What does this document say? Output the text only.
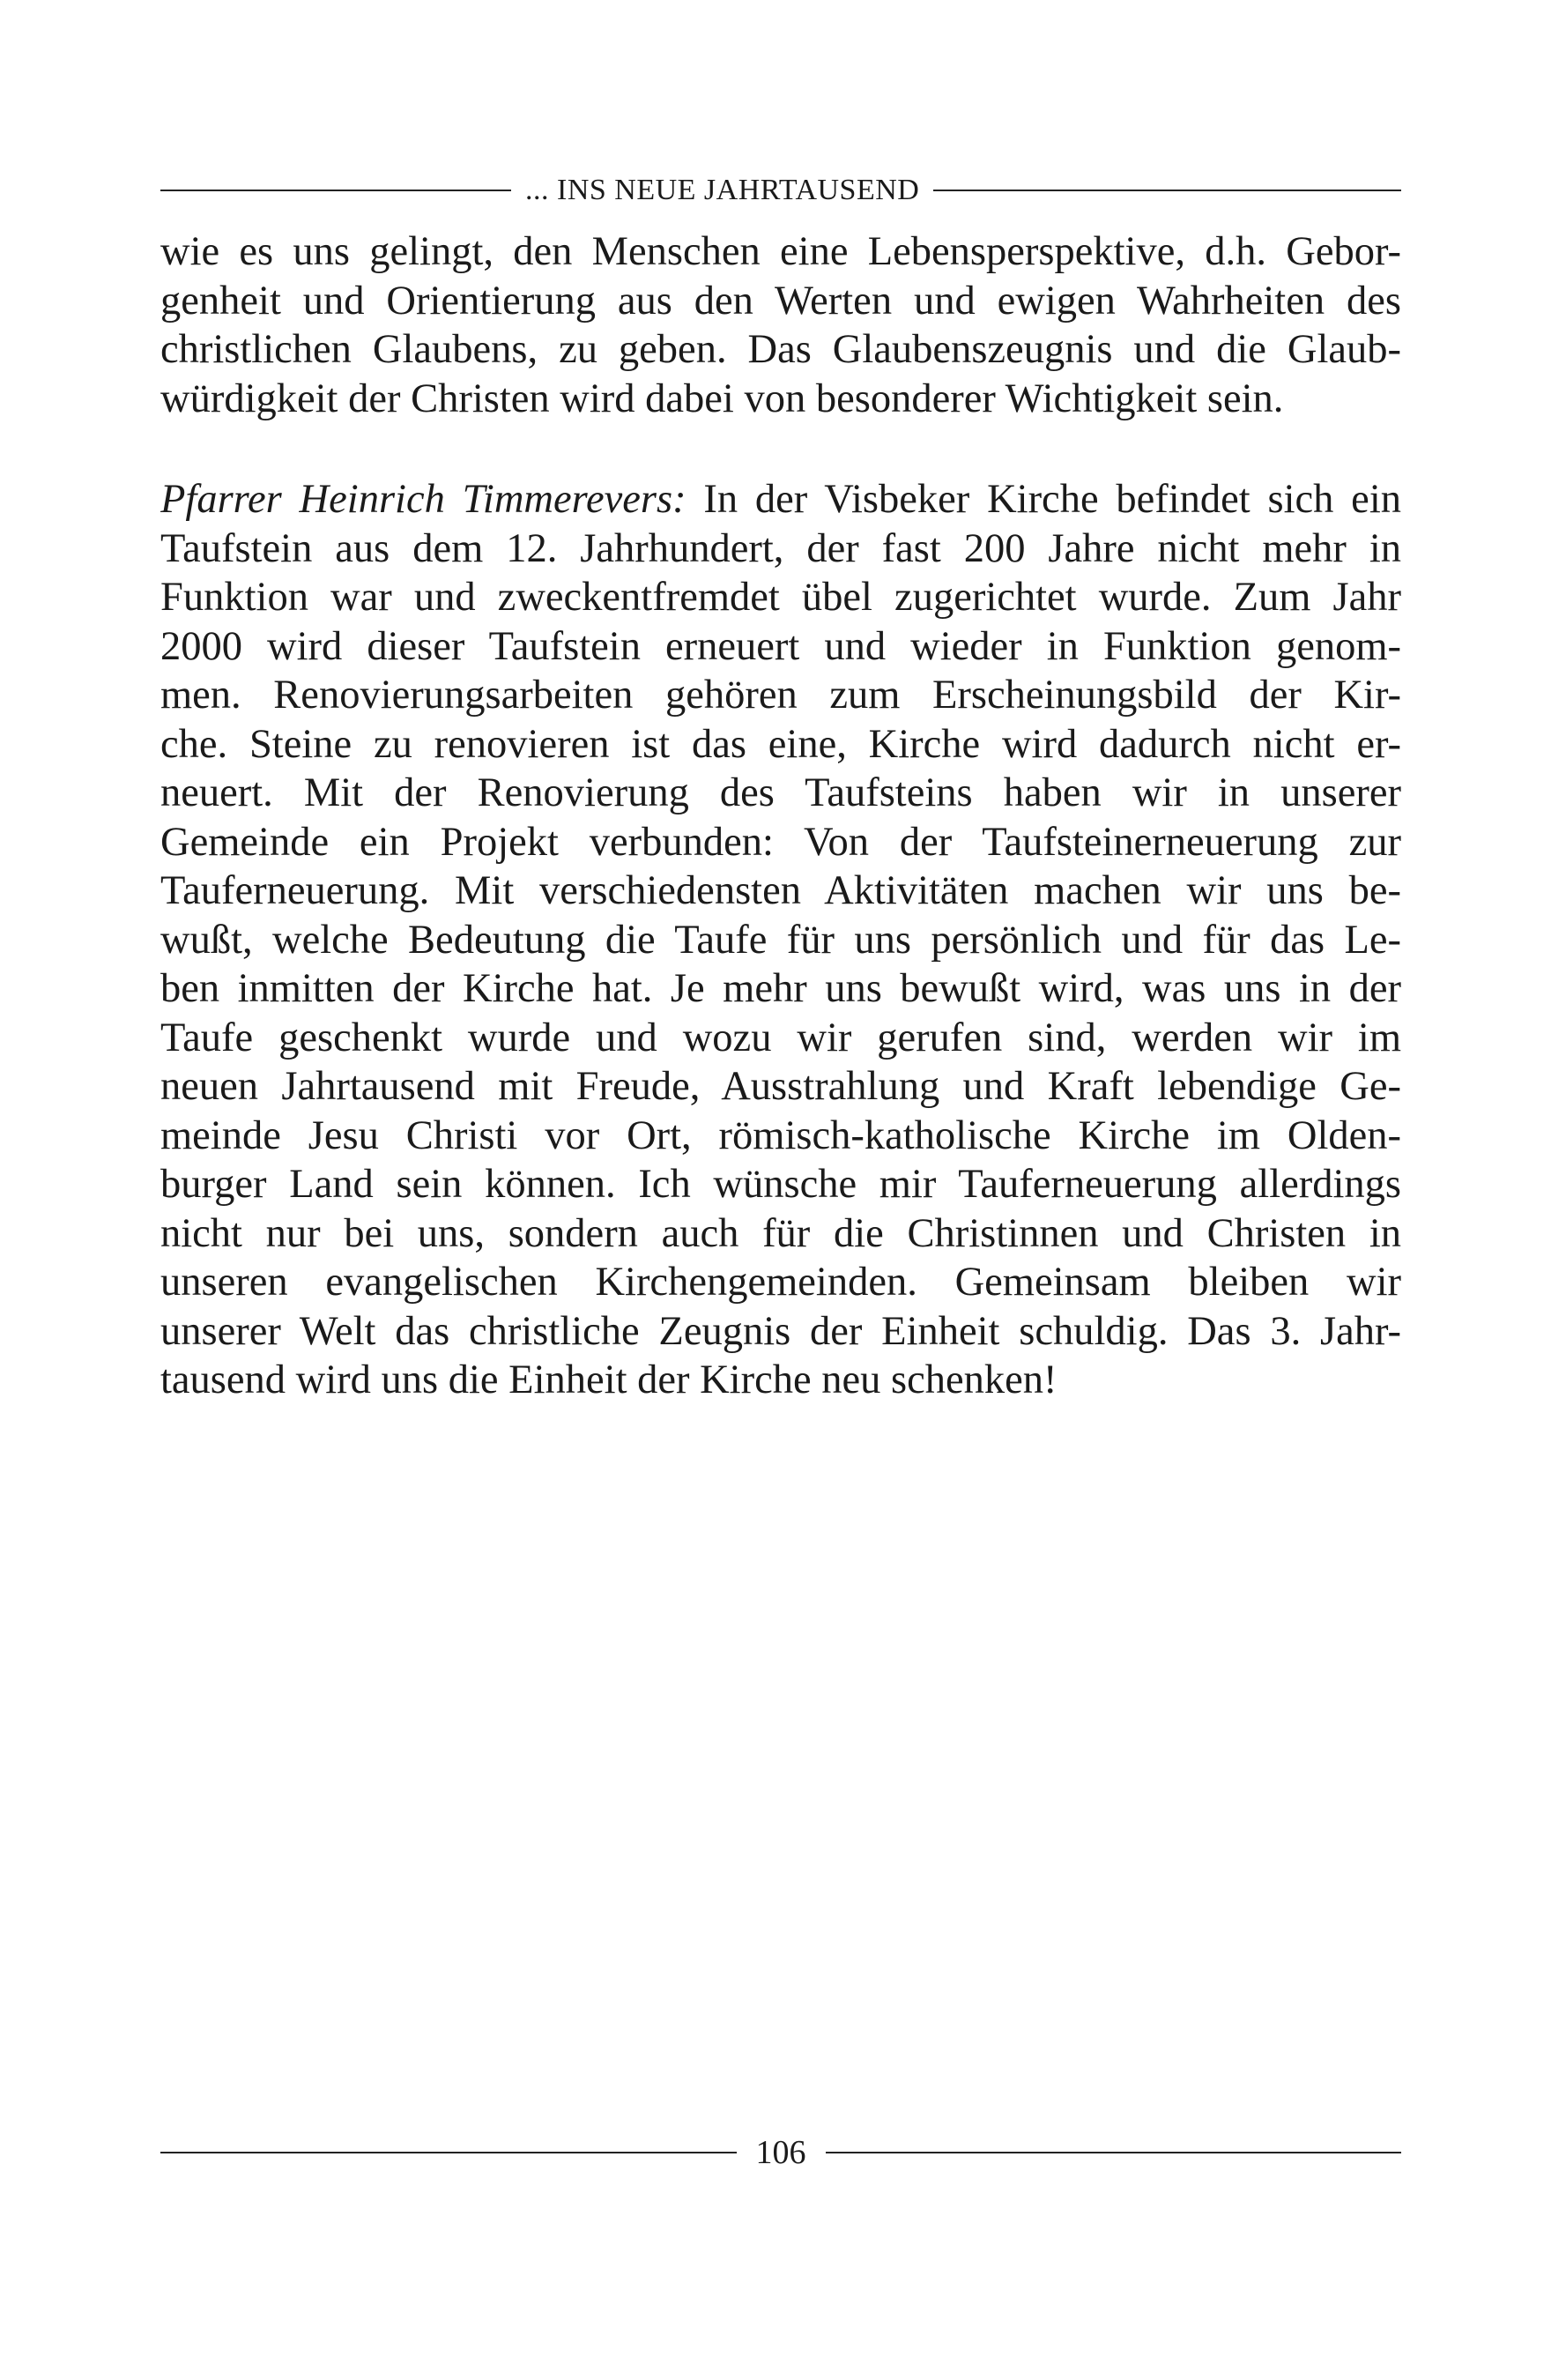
... INS NEUE JAHRTAUSEND
wie es uns gelingt, den Menschen eine Lebensperspektive, d.h. Gebor-
genheit und Orientierung aus den Werten und ewigen Wahrheiten des
christlichen Glaubens, zu geben. Das Glaubenszeugnis und die Glaub-
würdigkeit der Christen wird dabei von besonderer Wichtigkeit sein.
Pfarrer Heinrich Timmerevers: In der Visbeker Kirche befindet sich ein
Taufstein aus dem 12. Jahrhundert, der fast 200 Jahre nicht mehr in
Funktion war und zweckentfremdet übel zugerichtet wurde. Zum Jahr
2000 wird dieser Taufstein erneuert und wieder in Funktion genom-
men. Renovierungsarbeiten gehören zum Erscheinungsbild der Kir-
che. Steine zu renovieren ist das eine, Kirche wird dadurch nicht er-
neuert. Mit der Renovierung des Taufsteins haben wir in unserer
Gemeinde ein Projekt verbunden: Von der Taufsteinerneuerung zur
Tauferneuerung. Mit verschiedensten Aktivitäten machen wir uns be-
wußt, welche Bedeutung die Taufe für uns persönlich und für das Le-
ben inmitten der Kirche hat. Je mehr uns bewußt wird, was uns in der
Taufe geschenkt wurde und wozu wir gerufen sind, werden wir im
neuen Jahrtausend mit Freude, Ausstrahlung und Kraft lebendige Ge-
meinde Jesu Christi vor Ort, römisch-katholische Kirche im Olden-
burger Land sein können. Ich wünsche mir Tauferneuerung allerdings
nicht nur bei uns, sondern auch für die Christinnen und Christen in
unseren evangelischen Kirchengemeinden. Gemeinsam bleiben wir
unserer Welt das christliche Zeugnis der Einheit schuldig. Das 3. Jahr-
tausend wird uns die Einheit der Kirche neu schenken!
106
